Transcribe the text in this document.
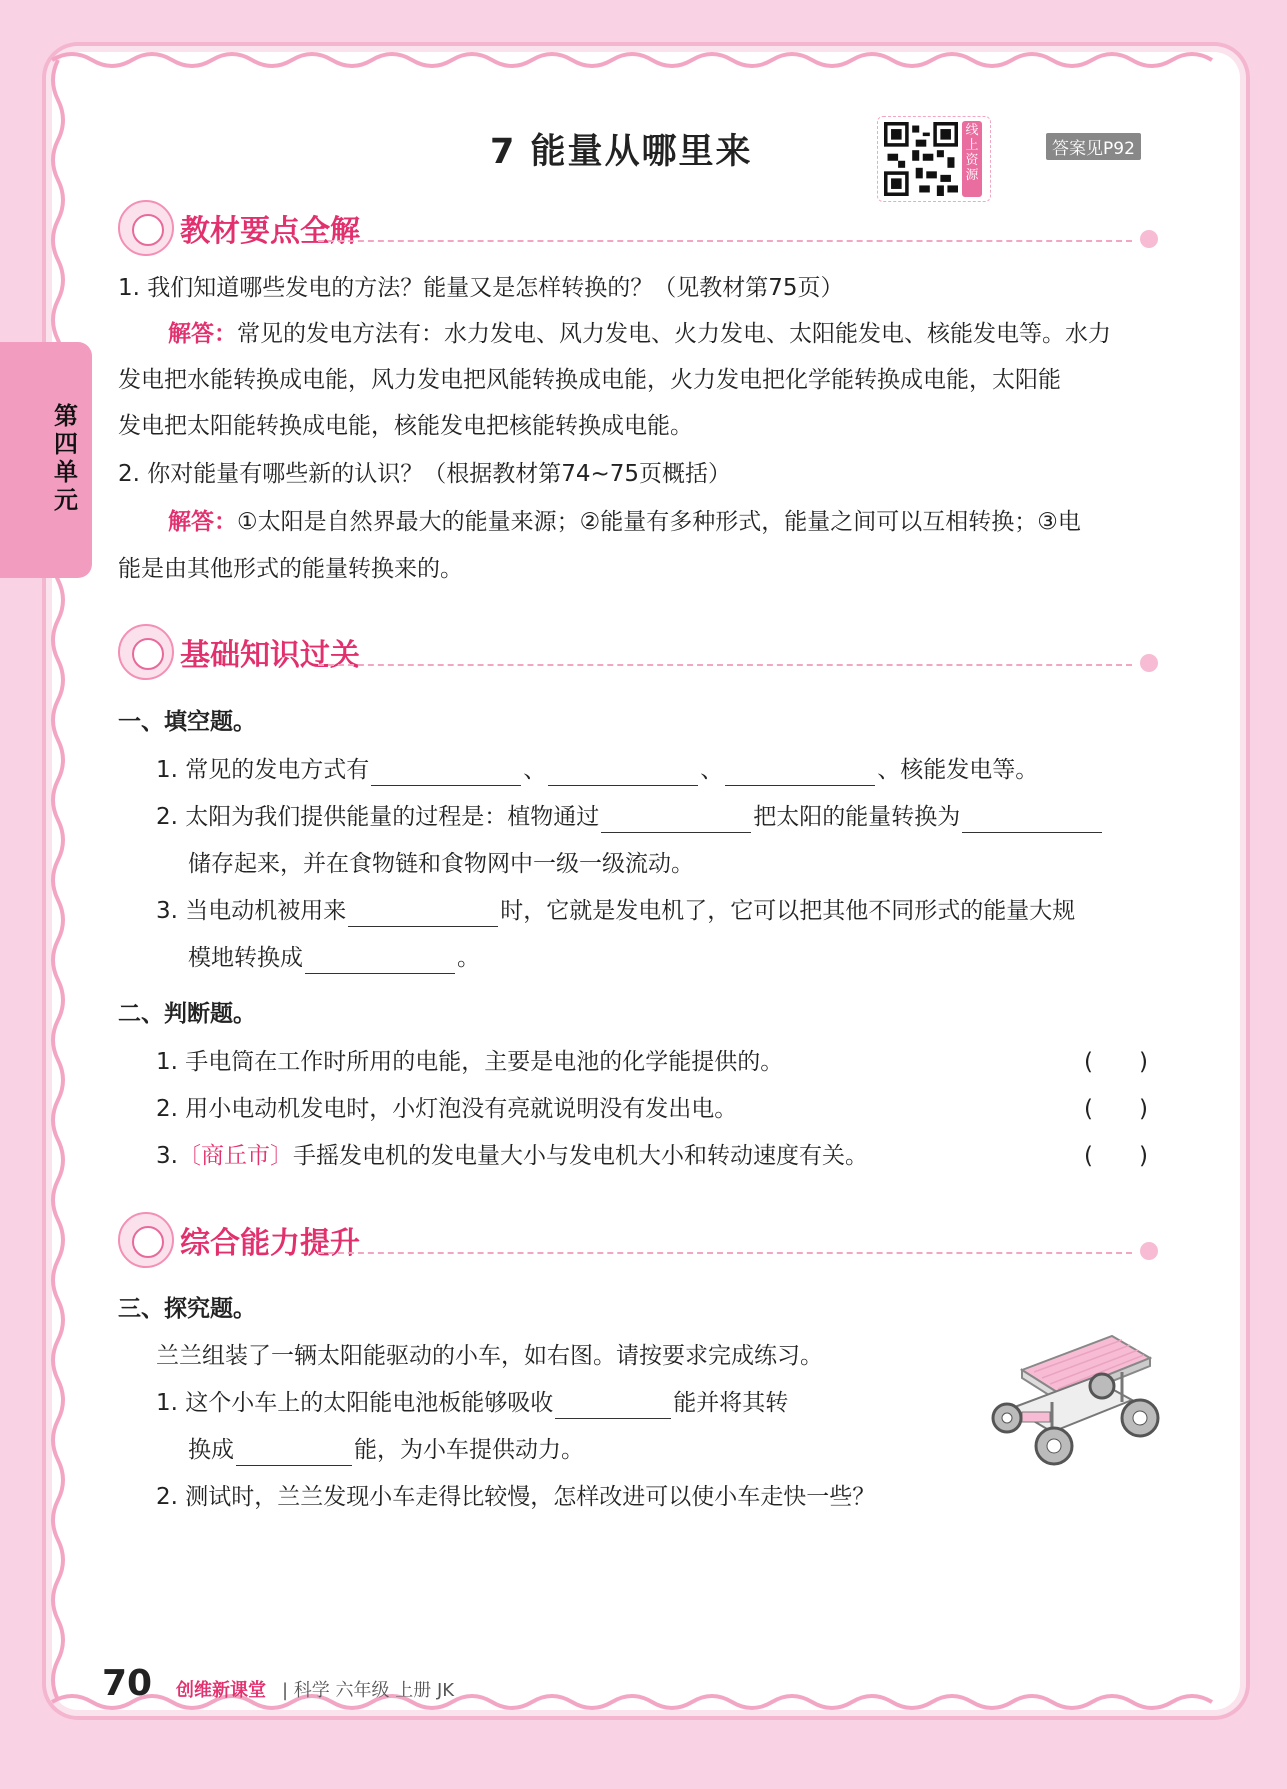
第四单元
7 能量从哪里来
线上资源
答案见P92
教材要点全解
1. 我们知道哪些发电的方法？能量又是怎样转换的？（见教材第75页）
解答：常见的发电方法有：水力发电、风力发电、火力发电、太阳能发电、核能发电等。水力
发电把水能转换成电能，风力发电把风能转换成电能，火力发电把化学能转换成电能，太阳能
发电把太阳能转换成电能，核能发电把核能转换成电能。
2. 你对能量有哪些新的认识？（根据教材第74~75页概括）
解答：①太阳是自然界最大的能量来源；②能量有多种形式，能量之间可以互相转换；③电
能是由其他形式的能量转换来的。
基础知识过关
一、填空题。
1. 常见的发电方式有	、	、	、核能发电等。
2. 太阳为我们提供能量的过程是：植物通过	把太阳的能量转换为
储存起来，并在食物链和食物网中一级一级流动。
3. 当电动机被用来	时，它就是发电机了，它可以把其他不同形式的能量大规
模地转换成	。
二、判断题。
1. 手电筒在工作时所用的电能，主要是电池的化学能提供的。	(　　)
2. 用小电动机发电时，小灯泡没有亮就说明没有发出电。	(　　)
3.〔商丘市〕手摇发电机的发电量大小与发电机大小和转动速度有关。	(　　)
综合能力提升
三、探究题。
兰兰组装了一辆太阳能驱动的小车，如右图。请按要求完成练习。
1. 这个小车上的太阳能电池板能够吸收	能并将其转
换成	能，为小车提供动力。
2. 测试时，兰兰发现小车走得比较慢，怎样改进可以使小车走快一些？
70 创维新课堂 | 科学 六年级 上册 JK
